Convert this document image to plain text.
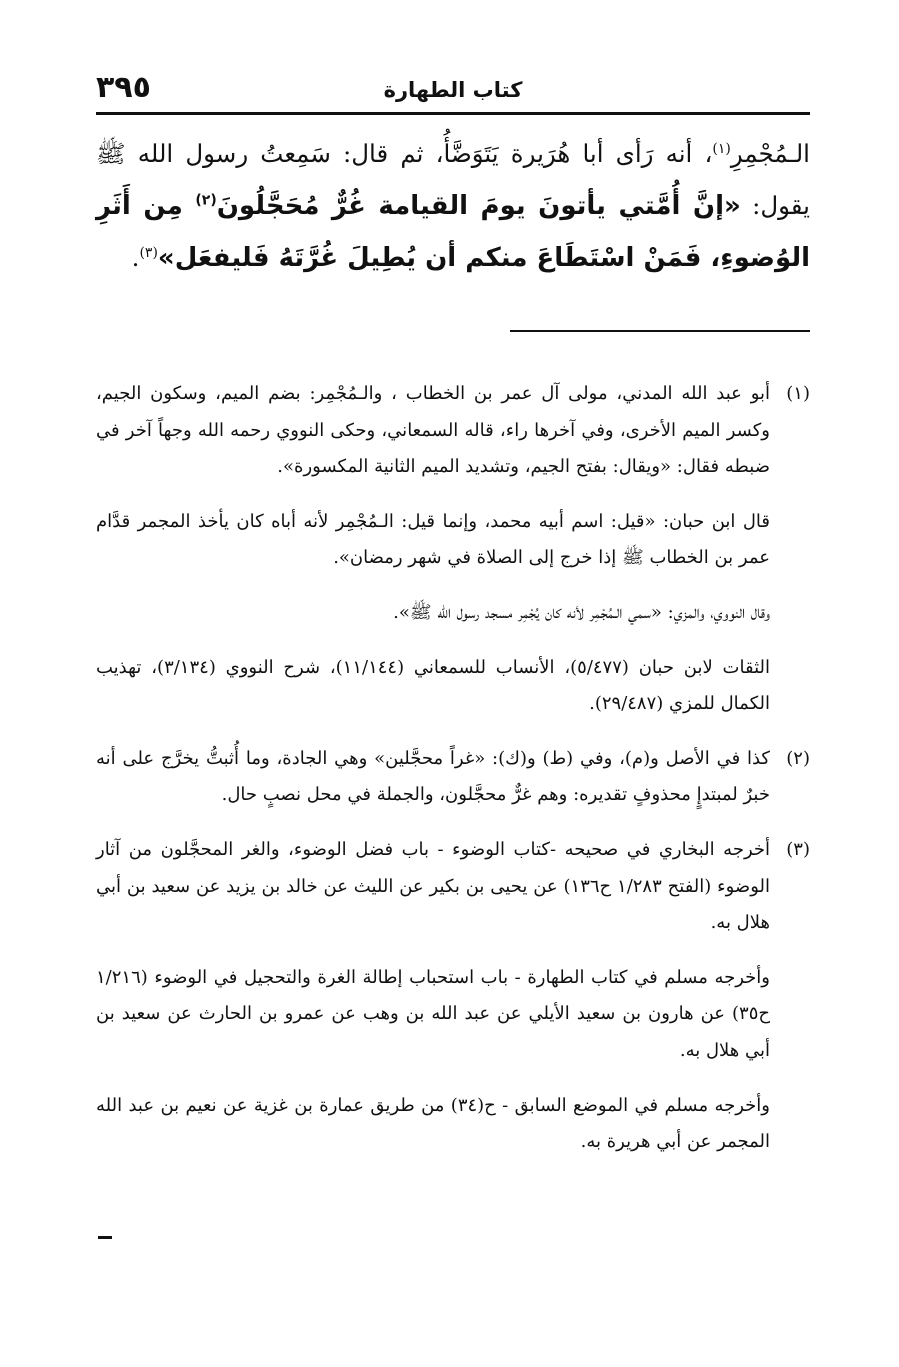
كتاب الطهارة
٣٩٥

الـمُجْمِرِ$^{(١)}$، أنه رَأى أبا هُرَيرة يَتَوَضَّأُ، ثم قال: سَمِعتُ رسول الله ﷺ يقول: «إنَّ أُمَّتي يأتونَ يومَ القيامة غُرٌّ مُحَجَّلُونَ$^{(٢)}$ مِن أَثَرِ الوُضوءِ، فَمَنْ اسْتَطَاعَ منكم أن يُطِيلَ غُرَّتَهُ فَليفعَل»$^{(٣)}$.

(١)

أبو عبد الله المدني، مولى آل عمر بن الخطاب ، والـمُجْمِر: بضم الميم، وسكون الجيم، وكسر الميم الأخرى، وفي آخرها راء، قاله السمعاني، وحكى النووي رحمه الله وجهاً آخر في ضبطه فقال: «ويقال: بفتح الجيم، وتشديد الميم الثانية المكسورة».

قال ابن حبان: «قيل: اسم أبيه محمد، وإنما قيل: الـمُجْمِر لأنه أباه كان يأخذ المجمر قدَّام عمر بن الخطاب ﷺ إذا خرج إلى الصلاة في شهر رمضان».

وقال النووي، والمزي: «سمي الـمُجْمِر لأنه كان يُجْمِر مسجد رسول الله ﷺ».

الثقات لابن حبان (٥/٤٧٧)، الأنساب للسمعاني (١١/١٤٤)، شرح النووي (٣/١٣٤)، تهذيب الكمال للمزي (٢٩/٤٨٧).

(٢)

كذا في الأصل و(م)، وفي (ط) و(ك): «غراً محجَّلين» وهي الجادة، وما أُثبتُّ يخرَّج على أنه خبرٌ لمبتدإٍ محذوفٍ تقديره: وهم غرٌّ محجَّلون، والجملة في محل نصبٍ حال.

(٣)

أخرجه البخاري في صحيحه -كتاب الوضوء - باب فضل الوضوء، والغر المحجَّلون من آثار الوضوء (الفتح ١/٢٨٣ ح١٣٦) عن يحيى بن بكير عن الليث عن خالد بن يزيد عن سعيد بن أبي هلال به.

وأخرجه مسلم في كتاب الطهارة - باب استحباب إطالة الغرة والتحجيل في الوضوء (١/٢١٦ ح٣٥) عن هارون بن سعيد الأيلي عن عبد الله بن وهب عن عمرو بن الحارث عن سعيد بن أبي هلال به.

وأخرجه مسلم في الموضع السابق - ح(٣٤) من طريق عمارة بن غزية عن نعيم بن عبد الله المجمر عن أبي هريرة به.
